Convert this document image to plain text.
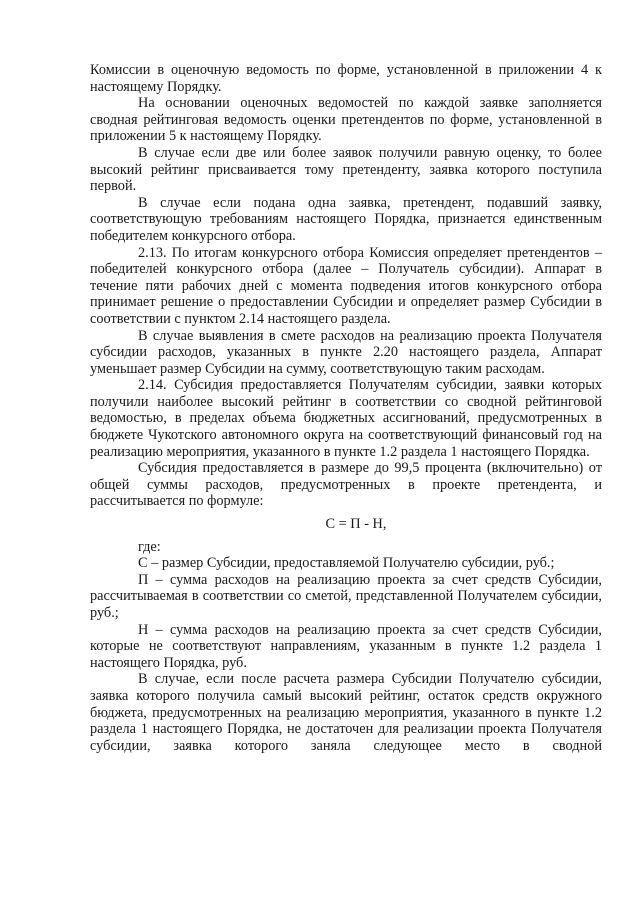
Комиссии в оценочную ведомость по форме, установленной в приложении 4 к настоящему Порядку.

На основании оценочных ведомостей по каждой заявке заполняется сводная рейтинговая ведомость оценки претендентов по форме, установленной в приложении 5 к настоящему Порядку.

В случае если две или более заявок получили равную оценку, то более высокий рейтинг присваивается тому претенденту, заявка которого поступила первой.

В случае если подана одна заявка, претендент, подавший заявку, соответствующую требованиям настоящего Порядка, признается единственным победителем конкурсного отбора.

2.13. По итогам конкурсного отбора Комиссия определяет претендентов – победителей конкурсного отбора (далее – Получатель субсидии). Аппарат в течение пяти рабочих дней с момента подведения итогов конкурсного отбора принимает решение о предоставлении Субсидии и определяет размер Субсидии в соответствии с пунктом 2.14 настоящего раздела.

В случае выявления в смете расходов на реализацию проекта Получателя субсидии расходов, указанных в пункте 2.20 настоящего раздела, Аппарат уменьшает размер Субсидии на сумму, соответствующую таким расходам.

2.14. Субсидия предоставляется Получателям субсидии, заявки которых получили наиболее высокий рейтинг в соответствии со сводной рейтинговой ведомостью, в пределах объема бюджетных ассигнований, предусмотренных в бюджете Чукотского автономного округа на соответствующий финансовый год на реализацию мероприятия, указанного в пункте 1.2 раздела 1 настоящего Порядка.

Субсидия предоставляется в размере до 99,5 процента (включительно) от общей суммы расходов, предусмотренных в проекте претендента, и рассчитывается по формуле:

С = П - Н,

где:

С – размер Субсидии, предоставляемой Получателю субсидии, руб.;

П – сумма расходов на реализацию проекта за счет средств Субсидии, рассчитываемая в соответствии со сметой, представленной Получателем субсидии, руб.;

Н – сумма расходов на реализацию проекта за счет средств Субсидии, которые не соответствуют направлениям, указанным в пункте 1.2 раздела 1 настоящего Порядка, руб.

В случае, если после расчета размера Субсидии Получателю субсидии, заявка которого получила самый высокий рейтинг, остаток средств окружного бюджета, предусмотренных на реализацию мероприятия, указанного в пункте 1.2 раздела 1 настоящего Порядка, не достаточен для реализации проекта Получателя субсидии, заявка которого заняла следующее место в сводной
